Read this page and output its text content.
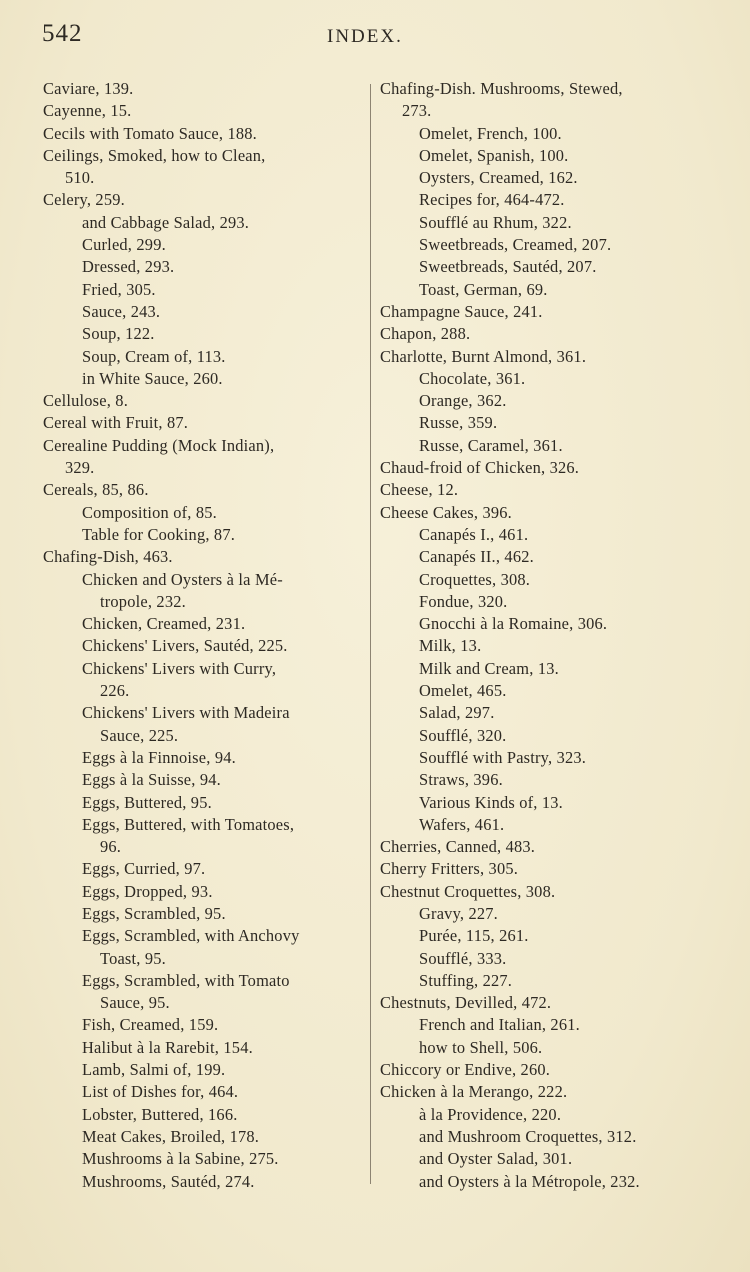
542	INDEX.
Caviare, 139.
Cayenne, 15.
Cecils with Tomato Sauce, 188.
Ceilings, Smoked, how to Clean,
510.
Celery, 259.
and Cabbage Salad, 293.
Curled, 299.
Dressed, 293.
Fried, 305.
Sauce, 243.
Soup, 122.
Soup, Cream of, 113.
in White Sauce, 260.
Cellulose, 8.
Cereal with Fruit, 87.
Cerealine Pudding (Mock Indian),
329.
Cereals, 85, 86.
Composition of, 85.
Table for Cooking, 87.
Chafing-Dish, 463.
Chicken and Oysters à la Mé-
tropole, 232.
Chicken, Creamed, 231.
Chickens' Livers, Sautéd, 225.
Chickens' Livers with Curry,
226.
Chickens' Livers with Madeira
Sauce, 225.
Eggs à la Finnoise, 94.
Eggs à la Suisse, 94.
Eggs, Buttered, 95.
Eggs, Buttered, with Tomatoes,
96.
Eggs, Curried, 97.
Eggs, Dropped, 93.
Eggs, Scrambled, 95.
Eggs, Scrambled, with Anchovy
Toast, 95.
Eggs, Scrambled, with Tomato
Sauce, 95.
Fish, Creamed, 159.
Halibut à la Rarebit, 154.
Lamb, Salmi of, 199.
List of Dishes for, 464.
Lobster, Buttered, 166.
Meat Cakes, Broiled, 178.
Mushrooms à la Sabine, 275.
Mushrooms, Sautéd, 274.
Chafing-Dish. Mushrooms, Stewed,
273.
Omelet, French, 100.
Omelet, Spanish, 100.
Oysters, Creamed, 162.
Recipes for, 464-472.
Soufflé au Rhum, 322.
Sweetbreads, Creamed, 207.
Sweetbreads, Sautéd, 207.
Toast, German, 69.
Champagne Sauce, 241.
Chapon, 288.
Charlotte, Burnt Almond, 361.
Chocolate, 361.
Orange, 362.
Russe, 359.
Russe, Caramel, 361.
Chaud-froid of Chicken, 326.
Cheese, 12.
Cheese Cakes, 396.
Canapés I., 461.
Canapés II., 462.
Croquettes, 308.
Fondue, 320.
Gnocchi à la Romaine, 306.
Milk, 13.
Milk and Cream, 13.
Omelet, 465.
Salad, 297.
Soufflé, 320.
Soufflé with Pastry, 323.
Straws, 396.
Various Kinds of, 13.
Wafers, 461.
Cherries, Canned, 483.
Cherry Fritters, 305.
Chestnut Croquettes, 308.
Gravy, 227.
Purée, 115, 261.
Soufflé, 333.
Stuffing, 227.
Chestnuts, Devilled, 472.
French and Italian, 261.
how to Shell, 506.
Chiccory or Endive, 260.
Chicken à la Merango, 222.
à la Providence, 220.
and Mushroom Croquettes, 312.
and Oyster Salad, 301.
and Oysters à la Métropole, 232.
